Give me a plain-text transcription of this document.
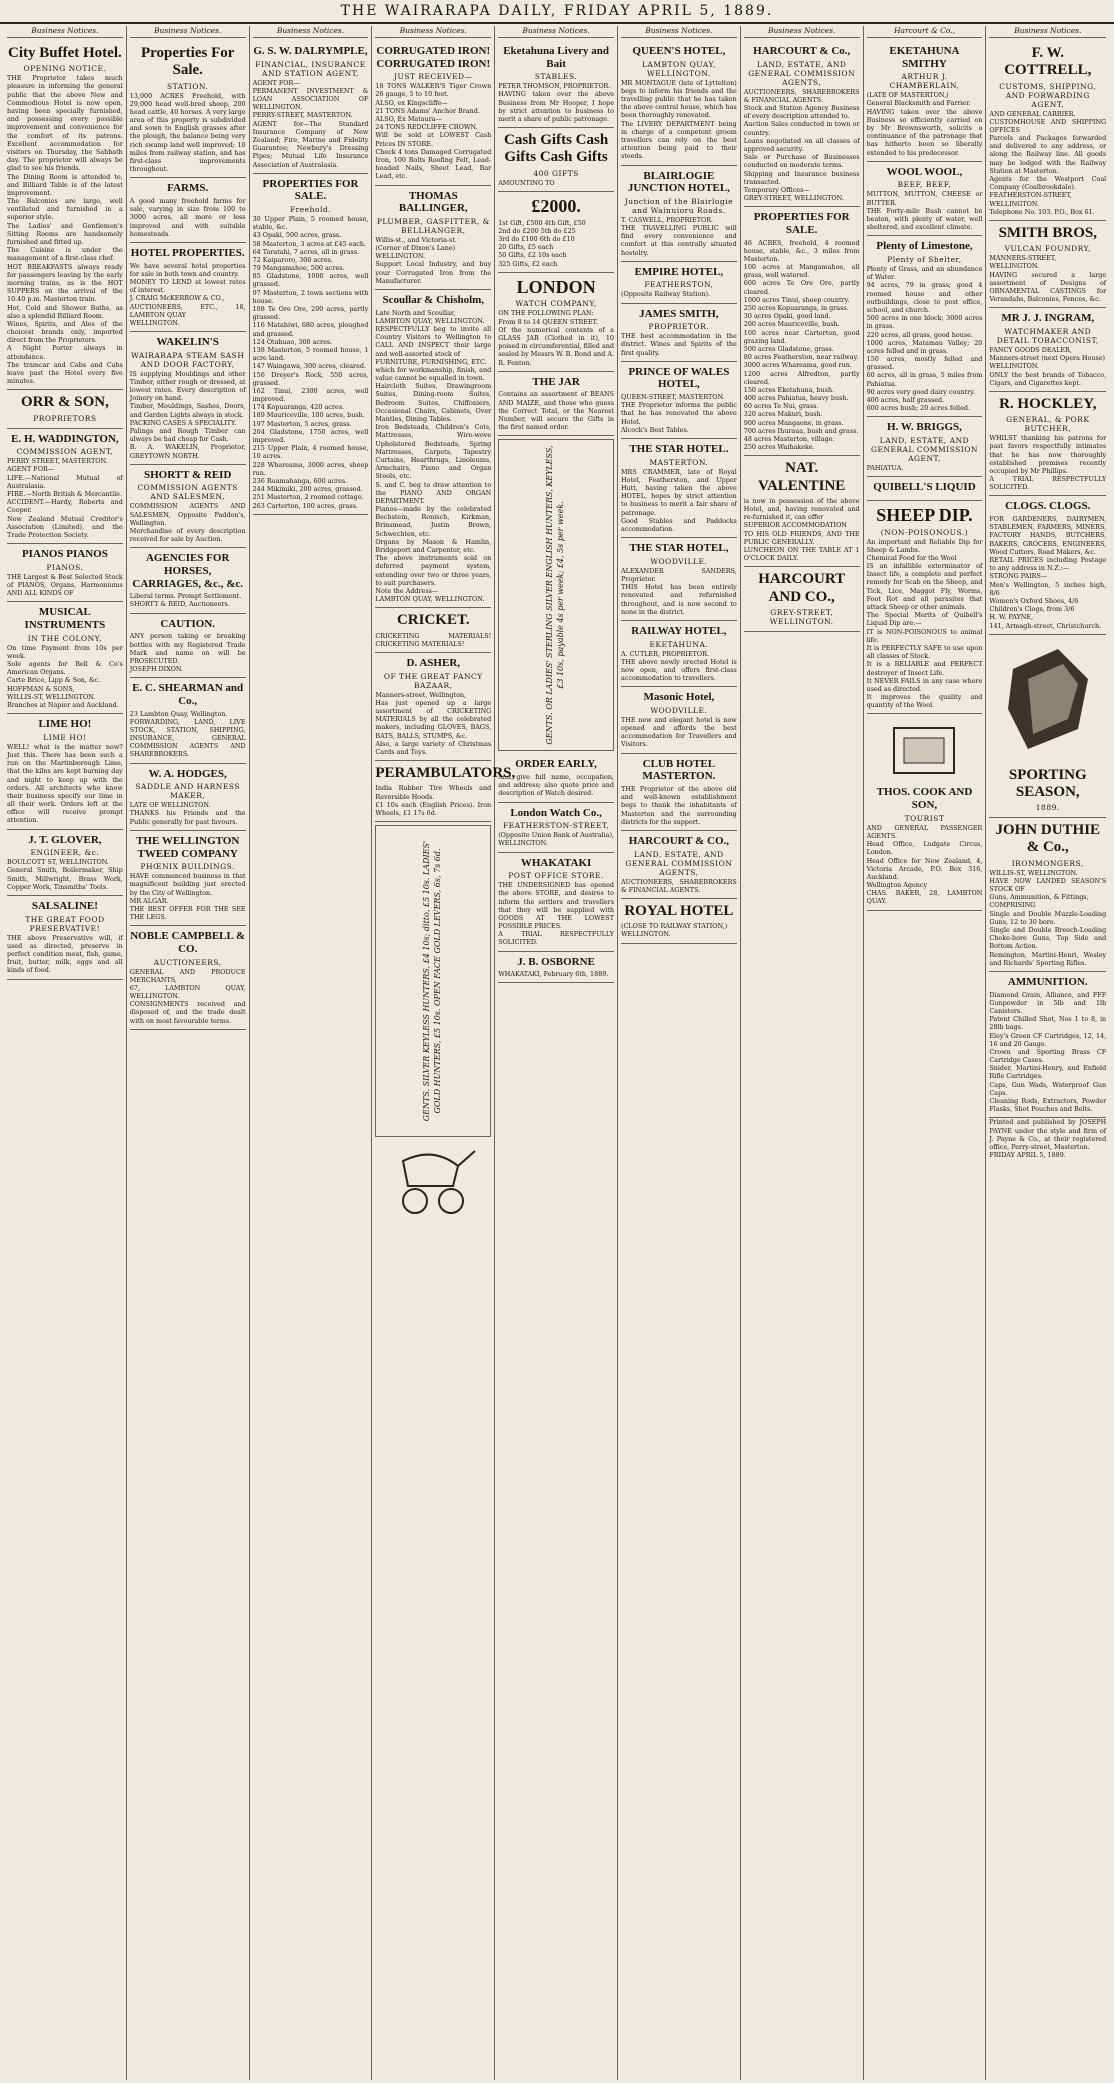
THE WAIRARAPA DAILY, FRIDAY APRIL 5, 1889.
Business Notices.
City Buffet Hotel.
OPENING NOTICE.
THE Proprietor takes much pleasure in informing the general public that the above New and Commodious Hotel is now open, having been specially furnished, and possessing every possible improvement and convenience for the comfort of its patrons. Excellent accommodation for visitors on Thursday, the Sabbath day. The proprietor will always be glad to see his friends.
The Dining Room is attended to, and Billiard Table is of the latest improvement.
The Balconies are large, well ventilated and furnished in a superior style.
The Ladies' and Gentlemen's Sitting Rooms are handsomely furnished and fitted up.
The Cuisine is under the management of a first-class chef.
HOT BREAKFASTS always ready for passengers leaving by the early morning trains, as is the HOT SUPPERS on the arrival of the 10.40 p.m. Masterton train.
Hot, Cold and Shower Baths, as also a splendid Billiard Room.
Wines, Spirits, and Ales of the choicest brands only, imported direct from the Proprietors.
A Night Porter always in attendance.
The tramcar and Cabs and Cabs leave past the Hotel every five minutes.
ORR & SON,
PROPRIETORS
E. H. WADDINGTON,
COMMISSION AGENT,
PERRY STREET, MASTERTON.
AGENT FOR—
LIFE.—National Mutual of Australasia.
FIRE.—North British & Mercantile.
ACCIDENT.—Hardy, Roberts and Cooper.
New Zealand Mutual Creditor's Association (Limited), and the Trade Protection Society.
PIANOS PIANOS
PIANOS.
THE Largest & Best Selected Stock of PIANOS, Organs, Harmoniums AND ALL KINDS OF
MUSICAL INSTRUMENTS
IN THE COLONY,
On time Payment from 10s per week.
Sole agents for Bell & Co's American Organs.
Carte Brice, Lipp & Son, &c.
HOFFMAN & SONS,
WILLIS-ST, WELLINGTON.
Branches at Napier and Auckland.
LIME HO!
LIME HO!
WELL! what is the matter now? Just this. There has been such a run on the Martinborough Lime, that the kilns are kept burning day and night to keep up with the orders. All architects who know their business specify our lime in all their work. Orders left at the office will receive prompt attention.
J. T. GLOVER,
ENGINEER, &c.
BOULCOTT ST, WELLINGTON.
General Smith, Boilermaker, Ship Smith, Millwright, Brass Work, Copper Work, Tinsmiths' Tools.
SALSALINE!
THE GREAT FOOD PRESERVATIVE!
THE above Preservative will, if used as directed, preserve in perfect condition meat, fish, game, fruit, butter, milk, eggs and all kinds of food.
Business Notices.
Properties For Sale.
STATION.
13,000 ACRES Freehold, with 29,000 head well-bred sheep, 200 head cattle, 40 horses. A very large area of this property is subdivided and sown to English grasses after the plough, the balance being very rich swamp land well improved; 10 miles from railway station, and has first-class improvements throughout.
FARMS.
A good many freehold farms for sale, varying in size from 100 to 3000 acres, all more or less improved and with suitable homesteads.
HOTEL PROPERTIES.
We have several hotel properties for sale in both town and country.
MONEY TO LEND at lowest rates of interest.
J. CRAIG McKERROW & CO.,
AUCTIONEERS, ETC., 18, LAMBTON QUAY
WELLINGTON.
WAKELIN'S
WAIRARAPA STEAM SASH AND DOOR FACTORY,
IS supplying Mouldings and other Timber, either rough or dressed, at lowest rates. Every description of Joinery on hand.
Timber, Mouldings, Sashes, Doors, and Garden Lights always in stock.
PACKING CASES A SPECIALITY.
Palings and Rough Timber can always be had cheap for Cash.
B. A. WAKELIN, Proprietor, GREYTOWN NORTH.
SHORTT & REID
COMMISSION AGENTS AND SALESMEN,
COMMISSION AGENTS AND SALESMEN, Opposite Paddon's, Wellington.
Merchandise of every description received for sale by Auction.
AGENCIES FOR HORSES, CARRIAGES, &c., &c.
Liberal terms. Prompt Settlement.
SHORTT & REID, Auctioneers.
CAUTION.
ANY person taking or breaking bottles with my Registered Trade Mark and name on will be PROSECUTED.
JOSEPH DIXON.
E. C. SHEARMAN and Co.,
23 Lambton Quay, Wellington.
FORWARDING, LAND, LIVE STOCK, STATION, SHIPPING, INSURANCE, GENERAL COMMISSION AGENTS AND SHAREBROKERS.
W. A. HODGES,
SADDLE AND HARNESS MAKER,
LATE OF WELLINGTON.
THANKS his Friends and the Public generally for past favours.
THE WELLINGTON TWEED COMPANY
PHŒNIX BUILDINGS.
HAVE commenced business in that magnificent building just erected by the City of Wellington.
MR ALGAR.
THE BEST OFFER FOR THE SEE THE LEGS.
NOBLE CAMPBELL & CO.
AUCTIONEERS,
GENERAL AND PRODUCE MERCHANTS,
67, LAMBTON QUAY, WELLINGTON.
CONSIGNMENTS received and disposed of, and the trade dealt with on most favourable terms.
Business Notices.
G. S. W. DALRYMPLE,
FINANCIAL, INSURANCE AND STATION AGENT,
AGENT FOR—
PERMANENT INVESTMENT & LOAN ASSOCIATION OF WELLINGTON.
PERRY-STREET, MASTERTON.
AGENT for—The Standard Insurance Company of New Zealand; Fire, Marine and Fidelity Guarantee; Newbury's Dressing Pipes; Mutual Life Insurance Association of Australasia.
PROPERTIES FOR SALE.
Freehold.
30 Upper Plain, 5 roomed house, stable, &c.
43 Opaki, 500 acres, grass.
58 Masterton, 3 acres at £45 each.
64 Taratahi, 7 acres, all in grass.
72 Kaiparoro, 300 acres.
79 Mangamahoe, 500 acres.
85 Gladstone, 1000 acres, well grassed.
97 Masterton, 2 town sections with house.
108 Te Ore Ore, 200 acres, partly grassed.
116 Matahiwi, 680 acres, ploughed and grassed.
124 Otahuao, 300 acres.
138 Masterton, 5 roomed house, 1 acre land.
147 Waingawa, 300 acres, cleared.
156 Dreyer's Rock, 550 acres, grassed.
162 Tinui, 2300 acres, well improved.
174 Kopuaranga, 420 acres.
189 Mauriceville, 100 acres, bush.
197 Masterton, 5 acres, grass.
204 Gladstone, 1750 acres, well improved.
215 Upper Plain, 4 roomed house, 10 acres.
228 Whareama, 3000 acres, sheep run.
236 Ruamahanga, 600 acres.
244 Mikimiki, 200 acres, grassed.
251 Masterton, 2 roomed cottage.
263 Carterton, 100 acres, grass.
Business Notices.
CORRUGATED IRON! CORRUGATED IRON!
JUST RECEIVED—
18 TONS WALKER'S Tiger Crown 26 gauge, 5 to 10 feet.
ALSO, ex Kingscliffe—
21 TONS Adams' Anchor Brand.
ALSO, Ex Mataura—
24 TONS REDCLIFFE CROWN.
Will be sold at LOWEST Cash Prices IN STORE.
Check 4 tons Damaged Corrugated Iron, 100 Bolts Roofing Felt, Lead-headed Nails, Sheet Lead, Bar Lead, etc.
THOMAS BALLINGER,
PLUMBER, GASFITTER, & BELLHANGER,
Willis-st., and Victoria-st.
(Corner of Dixon's Lane)
WELLINGTON.
Support Local Industry, and buy your Corrugated Iron from the Manufacturer.
Scoullar & Chisholm,
Late North and Scoullar,
LAMBTON QUAY, WELLINGTON.
RESPECTFULLY beg to invite all Country Visitors to Wellington to CALL AND INSPECT their large and well-assorted stock of
FURNITURE, FURNISHING, ETC.
which for workmanship, finish, and value cannot be equalled in town.
Haircloth Suites, Drawingroom Suites, Dining-room Suites, Bedroom Suites, Chiffoniers, Occasional Chairs, Cabinets, Over Mantles, Dining Tables.
Iron Bedsteads, Children's Cots, Mattresses, Wire-wove Upholstered Bedsteads, Spring Mattresses, Carpets, Tapestry Curtains, Hearthrugs, Linoleums, Armchairs, Piano and Organ Stools, etc.
S. and C. beg to draw attention to the PIANO AND ORGAN DEPARTMENT.
Pianos—made by the celebrated Bechstein, Ronisch, Kirkman, Brinsmead, Justin Brown, Schwechten, etc.
Organs by Mason & Hamlin, Bridgeport and Carpenter, etc.
The above instruments sold on deferred payment system, extending over two or three years, to suit purchasers.
Note the Address—
LAMBTON QUAY, WELLINGTON.
CRICKET.
CRICKETING MATERIALS! CRICKETING MATERIALS!
D. ASHER,
OF THE GREAT FANCY BAZAAR,
Manners-street, Wellington,
Has just opened up a large assortment of CRICKETING MATERIALS by all the celebrated makers, including GLOVES, BAGS, BATS, BALLS, STUMPS, &c.
Also, a large variety of Christmas Cards and Toys.
PERAMBULATORS,
India Rubber Tire Wheels and Reversible Hoods.
£1 10s each (English Prices). Iron Wheels, £1 17s 6d.
GENTS. SILVER KEYLESS HUNTERS, £4 10s; ditto, £5 10s. LADIES' GOLD HUNTERS, £5 10s. OPEN FACE GOLD LEVERS, 6s, 7s 6d.
Business Notices.
Eketahuna Livery and Bait
STABLES.
PETER THOMSON, PROPRIETOR.
HAVING taken over the above Business from Mr Hooper, I hope by strict attention to business to merit a share of public patronage.
Cash Gifts Cash Gifts Cash Gifts
400 GIFTS
AMOUNTING TO
£2000.
1st Gift, £500 4th Gift, £50
2nd do £200 5th do £25
3rd do £100 6th do £10
20 Gifts, £5 each
50 Gifts, £2 10s each
325 Gifts, £2 each
LONDON
WATCH COMPANY,
ON THE FOLLOWING PLAN:
From 8 to 14 QUEEN STREET.
Of the numerical contents of a GLASS JAR (Clothed in it), 10 poised in circumferential, filled and sealed by Messrs W. B. Bond and A. R. Fenton.
THE JAR
Contains an assortment of BEANS AND MAIZE, and those who guess the Correct Total, or the Nearest Number, will secure the Gifts in the first named order.
GENTS. OR LADIES' STERLING SILVER ENGLISH HUNTERS, KEYLESS, £3 10s, payable 4s per week; £4, 5s per week.
ORDER EARLY,
And give full name, occupation, and address; also quote price and description of Watch desired.
London Watch Co.,
FEATHERSTON-STREET,
(Opposite Union Bank of Australia), WELLINGTON.
WHAKATAKI
POST OFFICE STORE.
THE UNDERSIGNED has opened the above STORE, and desires to inform the settlers and travellers that they will be supplied with GOODS AT THE LOWEST POSSIBLE PRICES.
A TRIAL RESPECTFULLY SOLICITED.
J. B. OSBORNE
WHAKATAKI, February 6th, 1889.
Business Notices.
QUEEN'S HOTEL,
LAMBTON QUAY, WELLINGTON.
MR MONTAGUE (late of Lyttelton) begs to inform his friends and the travelling public that he has taken the above central house, which has been thoroughly renovated.
The LIVERY DEPARTMENT being in charge of a competent groom travellers can rely on the best attention being paid to their steeds.
BLAIRLOGIE JUNCTION HOTEL,
Junction of the Blairlogie and Wainuioru Roads.
T. CASWELL, PROPRIETOR.
THE TRAVELLING PUBLIC will find every convenience and comfort at this centrally situated hostelry.
EMPIRE HOTEL,
FEATHERSTON,
(Opposite Railway Station).
JAMES SMITH,
PROPRIETOR.
THE best accommodation in the district. Wines and Spirits of the first quality.
PRINCE OF WALES HOTEL,
QUEEN-STREET, MASTERTON.
THE Proprietor informs the public that he has renovated the above Hotel.
Alcock's Best Tables.
THE STAR HOTEL.
MASTERTON.
MRS CRAMMER, late of Royal Hotel, Featherston, and Upper Hutt, having taken the above HOTEL, hopes by strict attention to business to merit a fair share of patronage.
Good Stables and Paddocks accommodation.
THE STAR HOTEL,
WOODVILLE.
ALEXANDER SANDERS, Proprietor.
THIS Hotel has been entirely renovated and refurnished throughout, and is now second to none in the district.
RAILWAY HOTEL,
EKETAHUNA.
A. CUTLER, PROPRIETOR.
THE above newly erected Hotel is now open, and offers first-class accommodation to travellers.
Masonic Hotel,
WOODVILLE.
THE new and elegant hotel is now opened and affords the best accommodation for Travellers and Visitors.
CLUB HOTEL MASTERTON.
THE Proprietor of the above old and well-known establishment begs to thank the inhabitants of Masterton and the surrounding districts for the support.
HARCOURT & CO.,
LAND, ESTATE, AND GENERAL COMMISSION AGENTS,
AUCTIONEERS, SHAREBROKERS & FINANCIAL AGENTS.
ROYAL HOTEL
(CLOSE TO RAILWAY STATION,)
WELLINGTON.
Business Notices.
HARCOURT & Co.,
LAND, ESTATE, AND GENERAL COMMISSION AGENTS,
AUCTIONEERS, SHAREBROKERS & FINANCIAL AGENTS.
Stock and Station Agency Business of every description attended to.
Auction Sales conducted in town or country.
Loans negotiated on all classes of approved security.
Sale or Purchase of Businesses conducted on moderate terms.
Shipping and Insurance business transacted.
Temporary Offices—
GREY-STREET, WELLINGTON.
PROPERTIES FOR SALE.
46 ACRES, freehold, 4 roomed house, stable, &c., 3 miles from Masterton.
100 acres at Mangamahoe, all grass, well watered.
600 acres Te Ore Ore, partly cleared.
1000 acres Tinui, sheep country.
250 acres Kopuaranga, in grass.
30 acres Opaki, good land.
200 acres Mauriceville, bush.
100 acres near Carterton, good grazing land.
500 acres Gladstone, grass.
80 acres Featherston, near railway.
3000 acres Whareama, good run.
1200 acres Alfredton, partly cleared.
150 acres Eketahuna, bush.
400 acres Pahiatua, heavy bush.
60 acres Te Nui, grass.
320 acres Makuri, bush.
900 acres Mangaone, in grass.
700 acres Ihuraua, bush and grass.
48 acres Masterton, village.
250 acres Waihakeke.
NAT. VALENTINE
is now in possession of the above Hotel, and, having renovated and re-furnished it, can offer
SUPERIOR ACCOMMODATION
TO HIS OLD FRIENDS, AND THE PUBLIC GENERALLY.
LUNCHEON ON THE TABLE AT 1 O'CLOCK DAILY.
HARCOURT AND CO.,
GREY-STREET, WELLINGTON.
Harcourt & Co.,
EKETAHUNA SMITHY
ARTHUR J. CHAMBERLAIN,
(LATE OF MASTERTON,)
General Blacksmith and Farrier.
HAVING taken over the above Business so efficiently carried on by Mr Brownsworth, solicits a continuance of the patronage that has hitherto been so liberally extended to his predecessor.
WOOL WOOL,
BEEF, BEEF,
MUTTON, MUTTON, CHEESE or BUTTER.
THE Forty-mile Bush cannot be beaten, with plenty of water, well sheltered, and excellent climate.
Plenty of Limestone,
Plenty of Shelter,
Plenty of Grass, and an abundance of Water.
94 acres, 79 in grass; good 4 roomed house and other outbuildings, close to post office, school, and church.
500 acres in one block; 3000 acres in grass.
220 acres, all grass, good house.
1000 acres, Matamau Valley; 20 acres felled and in grass.
150 acres, mostly felled and grassed.
60 acres, all in grass, 5 miles from Pahiatua.
90 acres very good dairy country.
400 acres, half grassed.
600 acres bush; 20 acres felled.
H. W. BRIGGS,
LAND, ESTATE, AND GENERAL COMMISSION AGENT,
PAHIATUA.
QUIBELL'S LIQUID
SHEEP DIP.
(NON-POISONOUS.)
An important and Reliable Dip for Sheep & Lambs.
Chemical Food for the Wool
IS an infallible exterminator of Insect life, a complete and perfect remedy for Scab on the Sheep, and Tick, Lice, Maggot Fly, Worms, Foot Rot and all parasites that attack Sheep or other animals.
The Special Merits of Quibell's Liquid Dip are:—
IT is NON-POISONOUS to animal life.
It is PERFECTLY SAFE to use upon all classes of Stock.
It is a RELIABLE and PERFECT destroyer of Insect Life.
It NEVER FAILS in any case where used as directed.
It improves the quality and quantity of the Wool.
THOS. COOK AND SON,
TOURIST
AND GENERAL PASSENGER AGENTS.
Head Office, Ludgate Circus, London.
Head Office for New Zealand, 4, Victoria Arcade, P.O. Box 316, Auckland.
Wellington Agency
CHAS. BAKER, 28, LAMBTON QUAY.
Business Notices.
F. W. COTTRELL,
CUSTOMS, SHIPPING, AND FORWARDING AGENT,
AND GENERAL CARRIER.
CUSTOMHOUSE AND SHIPPING OFFICES
Parcels and Packages forwarded and delivered to any address, or along the Railway line. All goods may be lodged with the Railway Station at Masterton.
Agents for the Westport Coal Company (Coalbrookdale).
FEATHERSTON-STREET, WELLINGTON.
Telephone No. 103. P.O., Box 61.
SMITH BROS,
VULCAN FOUNDRY,
MANNERS-STREET, WELLINGTON.
HAVING secured a large assortment of Designs of ORNAMENTAL CASTINGS for Verandahs, Balconies, Fences, &c.
MR J. J. INGRAM,
WATCHMAKER AND DETAIL TOBACCONIST,
FANCY GOODS DEALER,
Manners-street (next Opera House)
WELLINGTON.
ONLY the best brands of Tobacco, Cigars, and Cigarettes kept.
R. HOCKLEY,
GENERAL, & PORK BUTCHER,
WHILST thanking his patrons for past favors respectfully intimates that he has now thoroughly established premises recently occupied by Mr Phillips.
A TRIAL RESPECTFULLY SOLICITED.
CLOGS. CLOGS.
FOR GARDENERS, DAIRYMEN, STABLEMEN, FARMERS, MINERS, FACTORY HANDS, BUTCHERS, BAKERS, GROCERS, ENGINEERS, Wood Cutters, Road Makers, &c.
RETAIL PRICES including Postage to any address in N.Z.:—
STRONG PAIRS—
Men's Wellington, 5 inches high, 8/6
Women's Oxford Shoes, 4/6
Children's Clogs, from 3/6
H. W. PAYNE,
141, Armagh-street, Christchurch.
SPORTING SEASON,
1889.
JOHN DUTHIE & Co.,
IRONMONGERS,
WILLIS-ST, WELLINGTON.
HAVE NOW LANDED SEASON'S STOCK OF
Guns, Ammunition, & Fittings,
COMPRISING
Single and Double Muzzle-Loading Guns, 12 to 30 bore.
Single and Double Breech-Loading Choke-bore Guns, Top Side and Bottom Action.
Remington, Martini-Henri, Wesley and Richards' Sporting Rifles.
AMMUNITION.
Diamond Grain, Alliance, and FFF Gunpowder in 5lb and 1lb Canisters.
Patent Chilled Shot, Nos 1 to 8, in 28lb bags.
Eley's Green CF Cartridges, 12, 14, 16 and 20 Gauge.
Crown and Sporting Brass CF Cartridge Cases.
Snider, Martini-Henry, and Enfield Rifle Cartridges.
Caps, Gun Wads, Waterproof Gun Caps.
Cleaning Rods, Extractors, Powder Flasks, Shot Pouches and Belts.
Printed and published by JOSEPH PAYNE under the style and firm of J. Payne & Co., at their registered office, Perry-street, Masterton.
FRIDAY APRIL 5, 1889.
